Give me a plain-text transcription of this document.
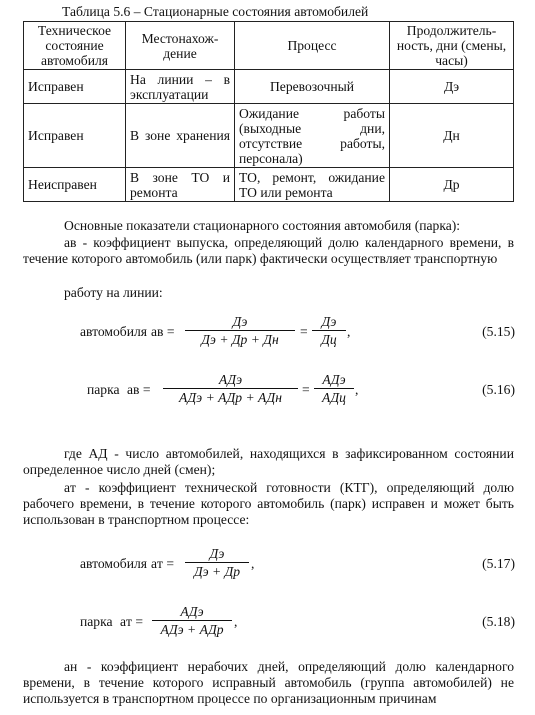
Таблица 5.6 – Стационарные состояния автомобилей
Техническое состояние автомобиля	Местонахож-дение	Процесс	Продолжитель-ность, дни (смены, часы)
Исправен	На линии – в эксплуатации	Перевозочный	Дэ
Исправен	В зоне хранения	Ожидание работы (выходные дни, отсутствие работы, персонала)	Дн
Неисправен	В зоне ТО и ремонта	ТО, ремонт, ожидание ТО или ремонта	Др
Основные показатели стационарного состояния автомобиля (парка):
aв - коэффициент выпуска, определяющий долю календарного времени, в течение которого автомобиль (или парк) фактически осуществляет транспортную
работу на линии:
автомобиля aв =
Дэ
Дэ + Др + Дн
=
Дэ
Дц
,	(5.15)
парка aв =
АДэ
АДэ + АДр + АДн
=
АДэ
АДц
,	(5.16)
где АД - число автомобилей, находящихся в зафиксированном состоянии определенное число дней (смен);
aт - коэффициент технической готовности (КТГ), определяющий долю рабочего времени, в течение которого автомобиль (парк) исправен и может быть использован в транспортном процессе:
автомобиля aт =
Дэ
Дэ + Др
,	(5.17)
парка aт =
АДэ
АДэ + АДр
,	(5.18)
aн - коэффициент нерабочих дней, определяющий долю календарного времени, в течение которого исправный автомобиль (группа автомобилей) не используется в транспортном процессе по организационным причинам
